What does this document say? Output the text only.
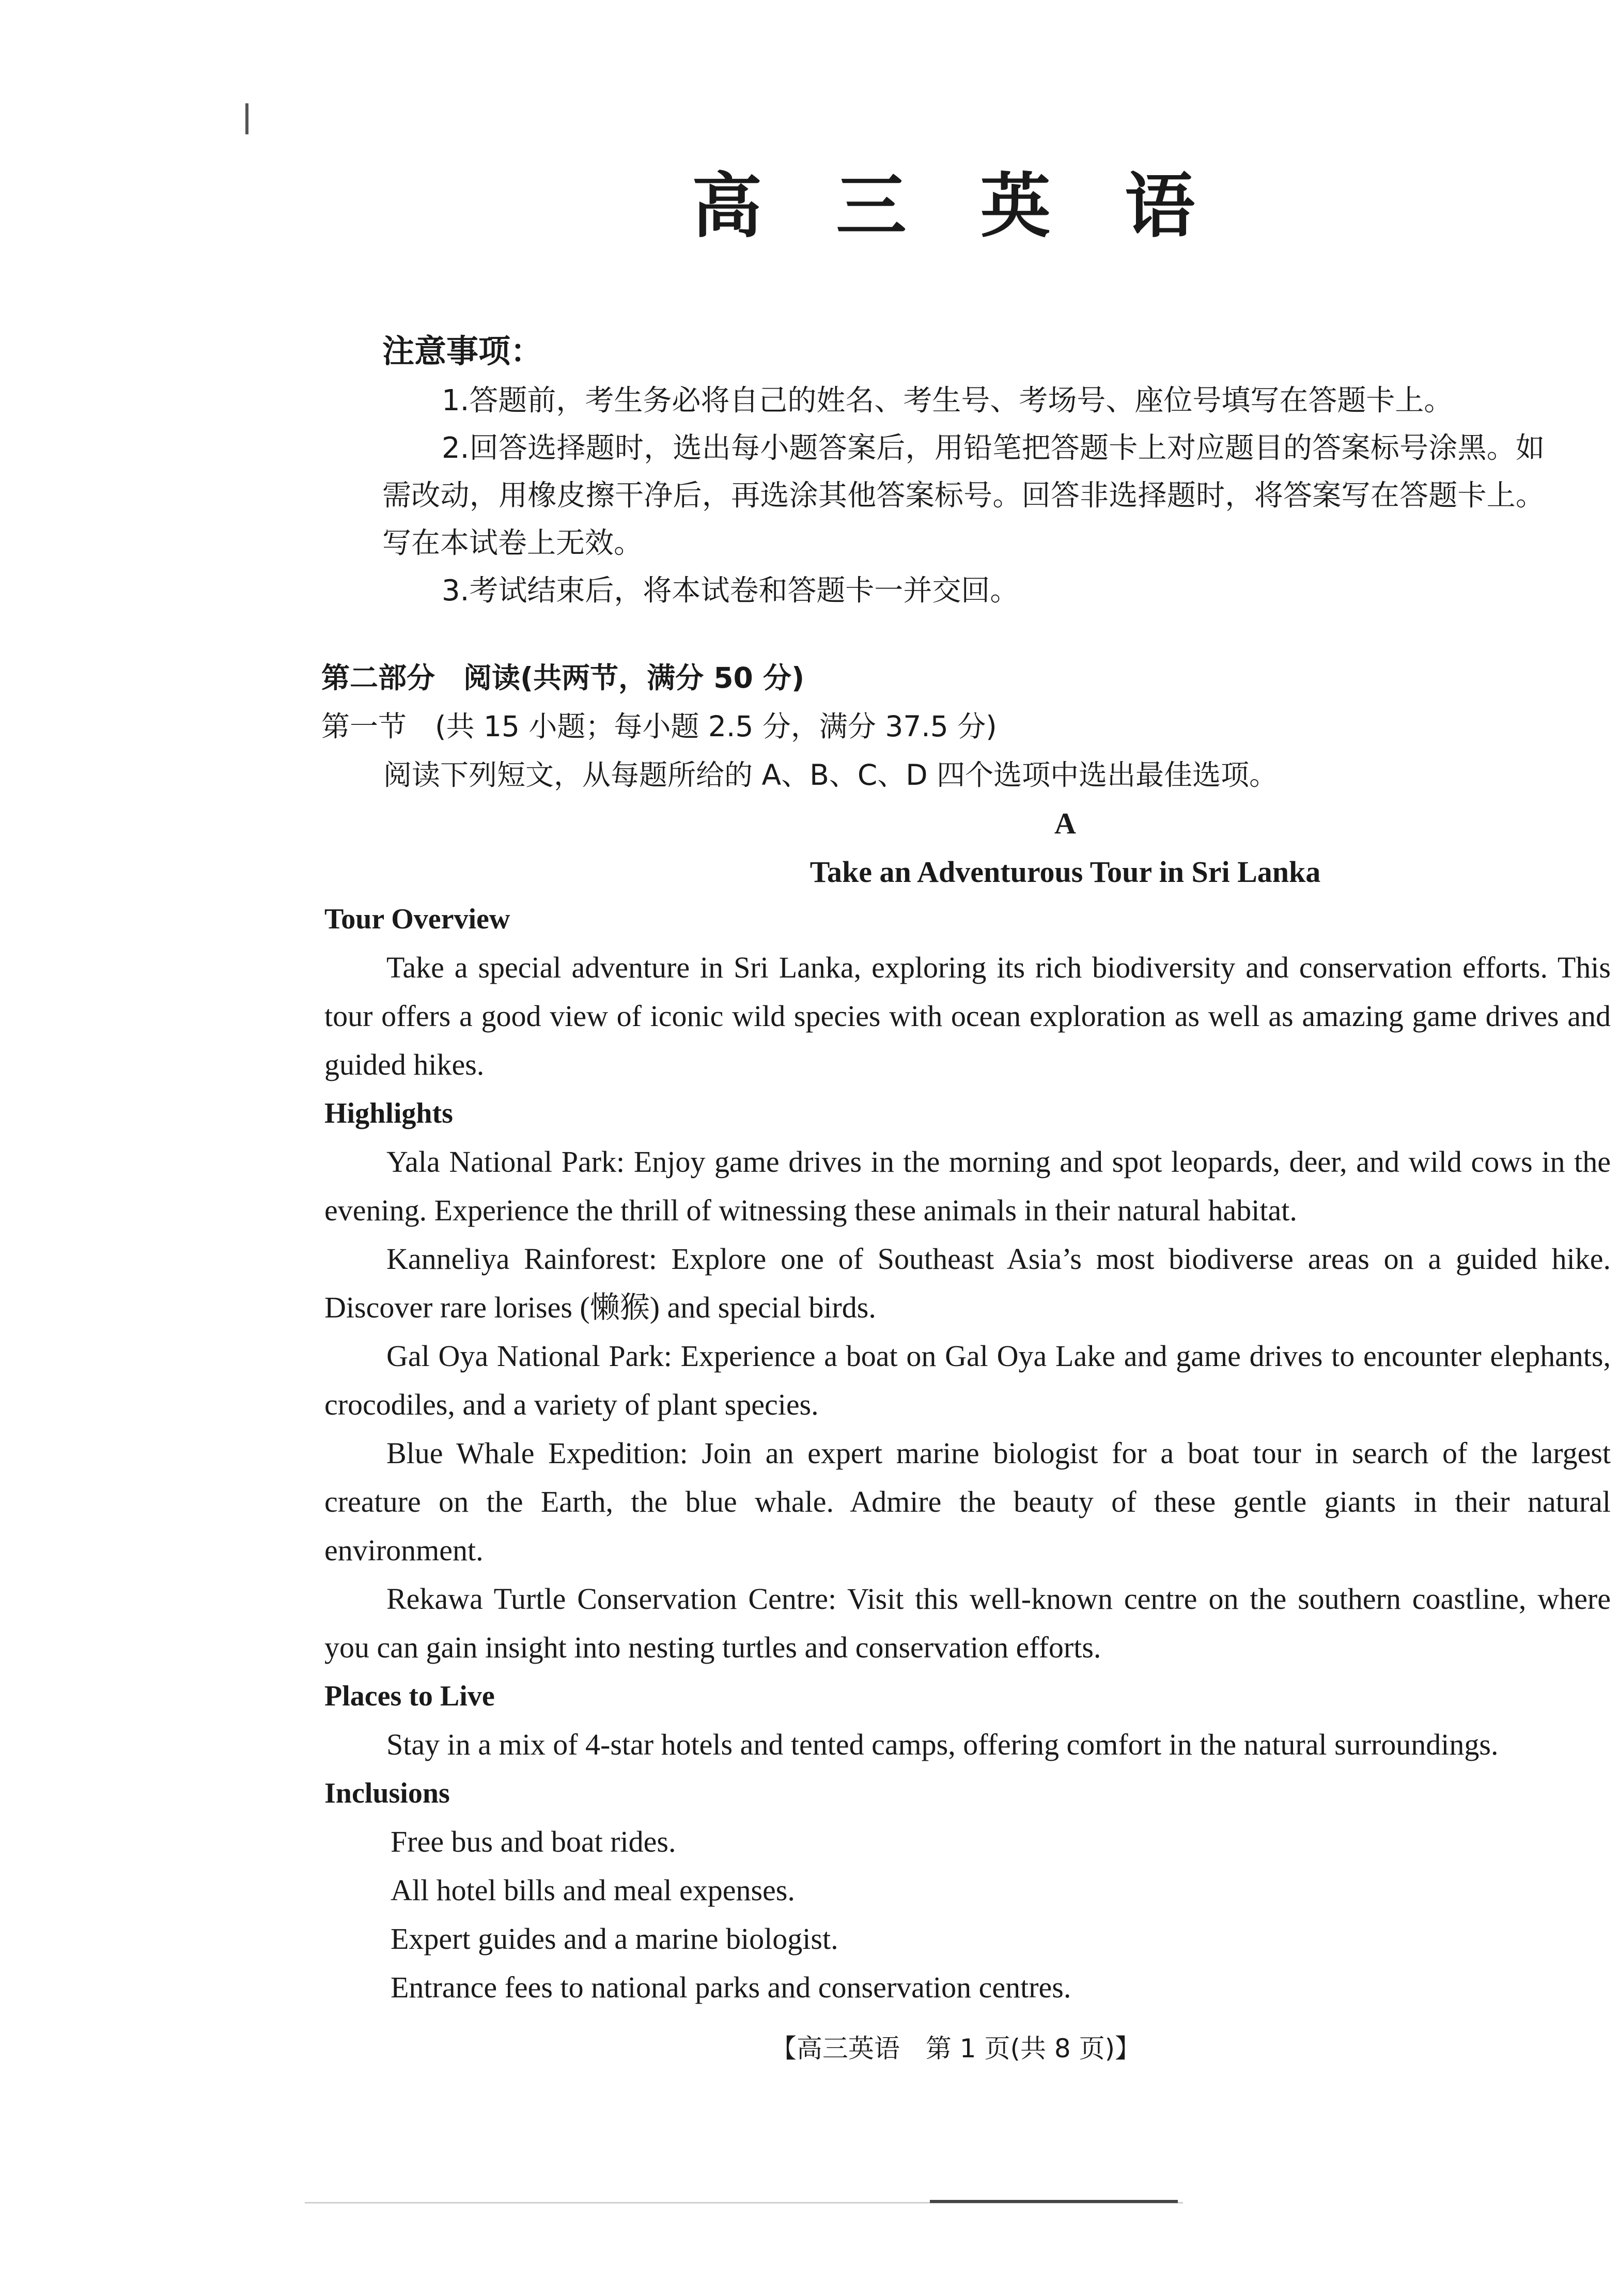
高 三 英 语
注意事项：
1.答题前，考生务必将自己的姓名、考生号、考场号、座位号填写在答题卡上。
2.回答选择题时，选出每小题答案后，用铅笔把答题卡上对应题目的答案标号涂黑。如需改动，用橡皮擦干净后，再选涂其他答案标号。回答非选择题时，将答案写在答题卡上。写在本试卷上无效。
3.考试结束后，将本试卷和答题卡一并交回。
第二部分　阅读(共两节，满分 50 分)
第一节　(共 15 小题；每小题 2.5 分，满分 37.5 分)
阅读下列短文，从每题所给的 A、B、C、D 四个选项中选出最佳选项。
A
Take an Adventurous Tour in Sri Lanka
Tour Overview
Take a special adventure in Sri Lanka, exploring its rich biodiversity and conservation efforts. This tour offers a good view of iconic wild species with ocean exploration as well as amazing game drives and guided hikes.
Highlights
Yala National Park: Enjoy game drives in the morning and spot leopards, deer, and wild cows in the evening. Experience the thrill of witnessing these animals in their natural habitat.
Kanneliya Rainforest: Explore one of Southeast Asia’s most biodiverse areas on a guided hike. Discover rare lorises (懒猴) and special birds.
Gal Oya National Park: Experience a boat on Gal Oya Lake and game drives to encounter elephants, crocodiles, and a variety of plant species.
Blue Whale Expedition: Join an expert marine biologist for a boat tour in search of the largest creature on the Earth, the blue whale. Admire the beauty of these gentle giants in their natural environment.
Rekawa Turtle Conservation Centre: Visit this well-known centre on the southern coastline, where you can gain insight into nesting turtles and conservation efforts.
Places to Live
Stay in a mix of 4-star hotels and tented camps, offering comfort in the natural surroundings.
Inclusions
Free bus and boat rides.
All hotel bills and meal expenses.
Expert guides and a marine biologist.
Entrance fees to national parks and conservation centres.
【高三英语　第 1 页(共 8 页)】
